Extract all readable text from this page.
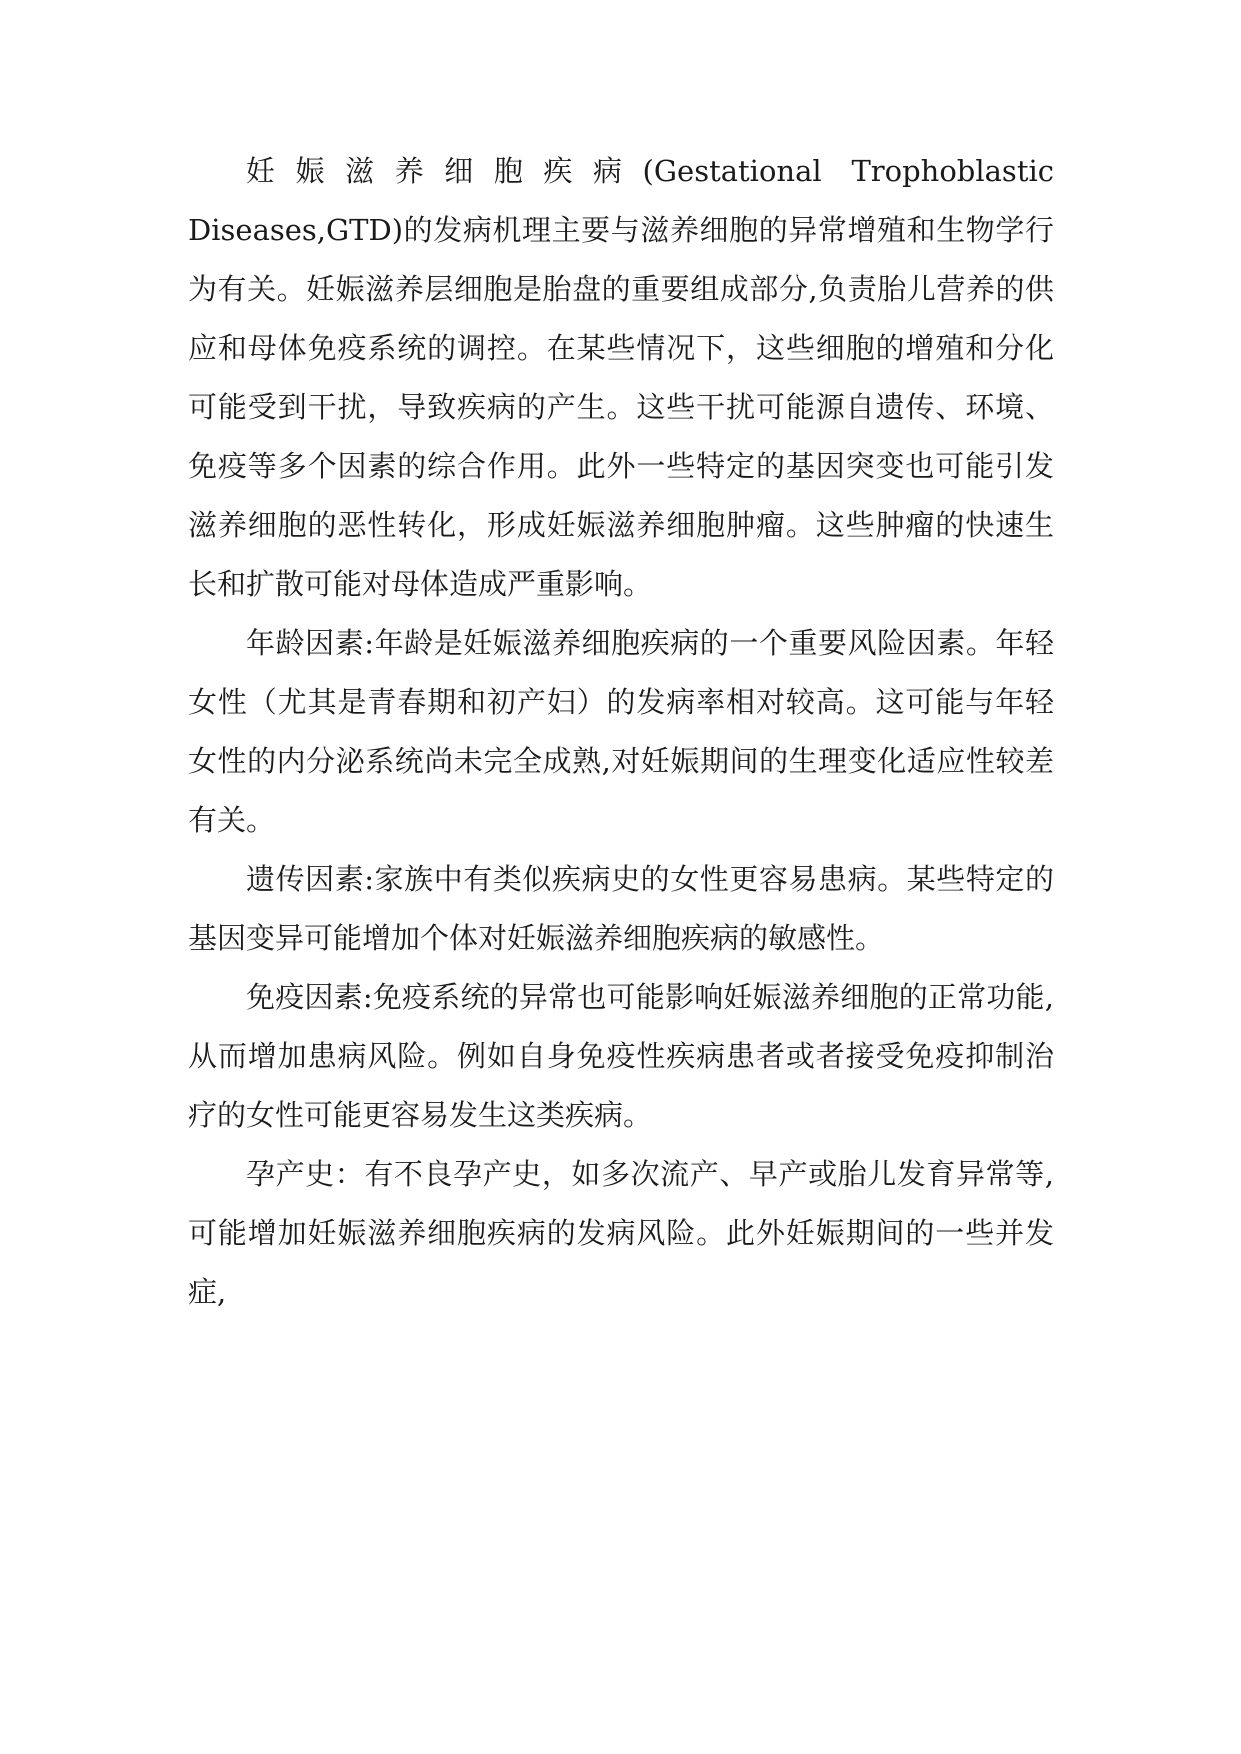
妊娠滋养细胞疾病(Gestational Trophoblastic Diseases,GTD)的发病机理主要与滋养细胞的异常增殖和生物学行为有关。妊娠滋养层细胞是胎盘的重要组成部分,负责胎儿营养的供应和母体免疫系统的调控。在某些情况下，这些细胞的增殖和分化可能受到干扰，导致疾病的产生。这些干扰可能源自遗传、环境、免疫等多个因素的综合作用。此外一些特定的基因突变也可能引发滋养细胞的恶性转化，形成妊娠滋养细胞肿瘤。这些肿瘤的快速生长和扩散可能对母体造成严重影响。

年龄因素:年龄是妊娠滋养细胞疾病的一个重要风险因素。年轻女性（尤其是青春期和初产妇）的发病率相对较高。这可能与年轻女性的内分泌系统尚未完全成熟,对妊娠期间的生理变化适应性较差有关。

遗传因素:家族中有类似疾病史的女性更容易患病。某些特定的基因变异可能增加个体对妊娠滋养细胞疾病的敏感性。

免疫因素:免疫系统的异常也可能影响妊娠滋养细胞的正常功能,从而增加患病风险。例如自身免疫性疾病患者或者接受免疫抑制治疗的女性可能更容易发生这类疾病。

孕产史：有不良孕产史，如多次流产、早产或胎儿发育异常等,可能增加妊娠滋养细胞疾病的发病风险。此外妊娠期间的一些并发症,
